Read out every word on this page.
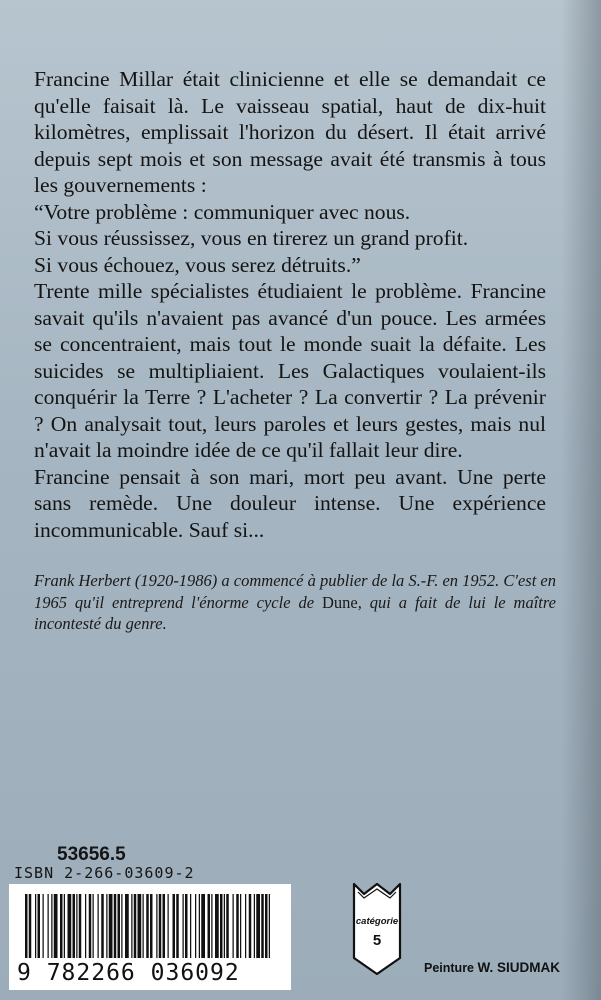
Francine Millar était clinicienne et elle se demandait ce qu'elle faisait là. Le vaisseau spatial, haut de dix-huit kilomètres, emplissait l'horizon du désert. Il était arrivé depuis sept mois et son message avait été transmis à tous les gouvernements :

“Votre problème : communiquer avec nous.

Si vous réussissez, vous en tirerez un grand profit.

Si vous échouez, vous serez détruits.”

Trente mille spécialistes étudiaient le problème. Francine savait qu'ils n'avaient pas avancé d'un pouce. Les armées se concentraient, mais tout le monde suait la défaite. Les suicides se multipliaient. Les Galactiques voulaient-ils conquérir la Terre ? L'acheter ? La convertir ? La prévenir ? On analysait tout, leurs paroles et leurs gestes, mais nul n'avait la moindre idée de ce qu'il fallait leur dire.

Francine pensait à son mari, mort peu avant. Une perte sans remède. Une douleur intense. Une expérience incommunicable. Sauf si...

Frank Herbert (1920-1986) a commencé à publier de la S.-F. en 1952. C'est en 1965 qu'il entreprend l'énorme cycle de Dune, qui a fait de lui le maître incontesté du genre.
53656.5
ISBN 2-266-03609-2
9 782266 036092
catégorie
5
Peinture W. SIUDMAK
